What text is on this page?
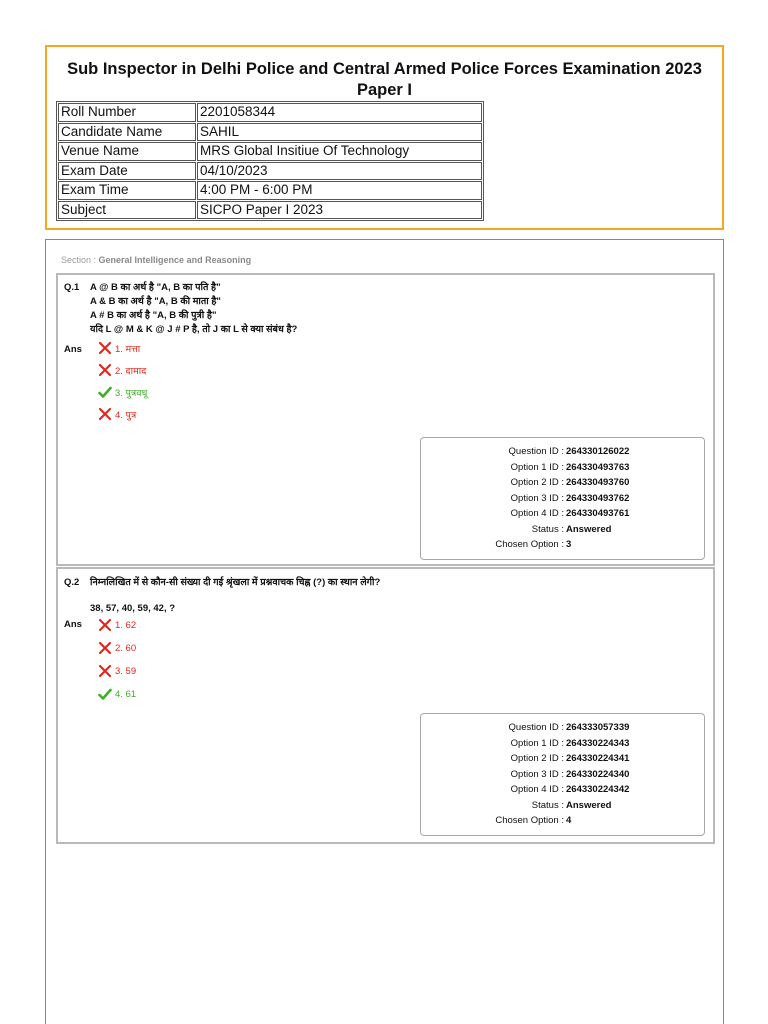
Sub Inspector in Delhi Police and Central Armed Police Forces Examination 2023
Paper I
Roll Number	2201058344
Candidate Name	SAHIL
Venue Name	MRS Global Insitiue Of Technology
Exam Date	04/10/2023
Exam Time	4:00 PM - 6:00 PM
Subject	SICPO Paper I 2023
Section : General Intelligence and Reasoning
Q.1 A @ B का अर्थ है "A, B का पति है"
A & B का अर्थ है "A, B की माता है"
A # B का अर्थ है "A, B की पुत्री है"
यदि L @ M & K @ J # P है, तो J का L से क्या संबंध है?
Ans	1. मत्ता
2. दामाद
3. पुत्रवधू
4. पुत्र
Question ID : 264330126022
Option 1 ID : 264330493763
Option 2 ID : 264330493760
Option 3 ID : 264330493762
Option 4 ID : 264330493761
Status : Answered
Chosen Option : 3
Q.2 निम्नलिखित में से कौन-सी संख्या दी गई श्रृंखला में प्रश्नवाचक चिह्न (?) का स्थान लेगी?
38, 57, 40, 59, 42, ?
Ans	1. 62
2. 60
3. 59
4. 61
Question ID : 264333057339
Option 1 ID : 264330224343
Option 2 ID : 264330224341
Option 3 ID : 264330224340
Option 4 ID : 264330224342
Status : Answered
Chosen Option : 4
